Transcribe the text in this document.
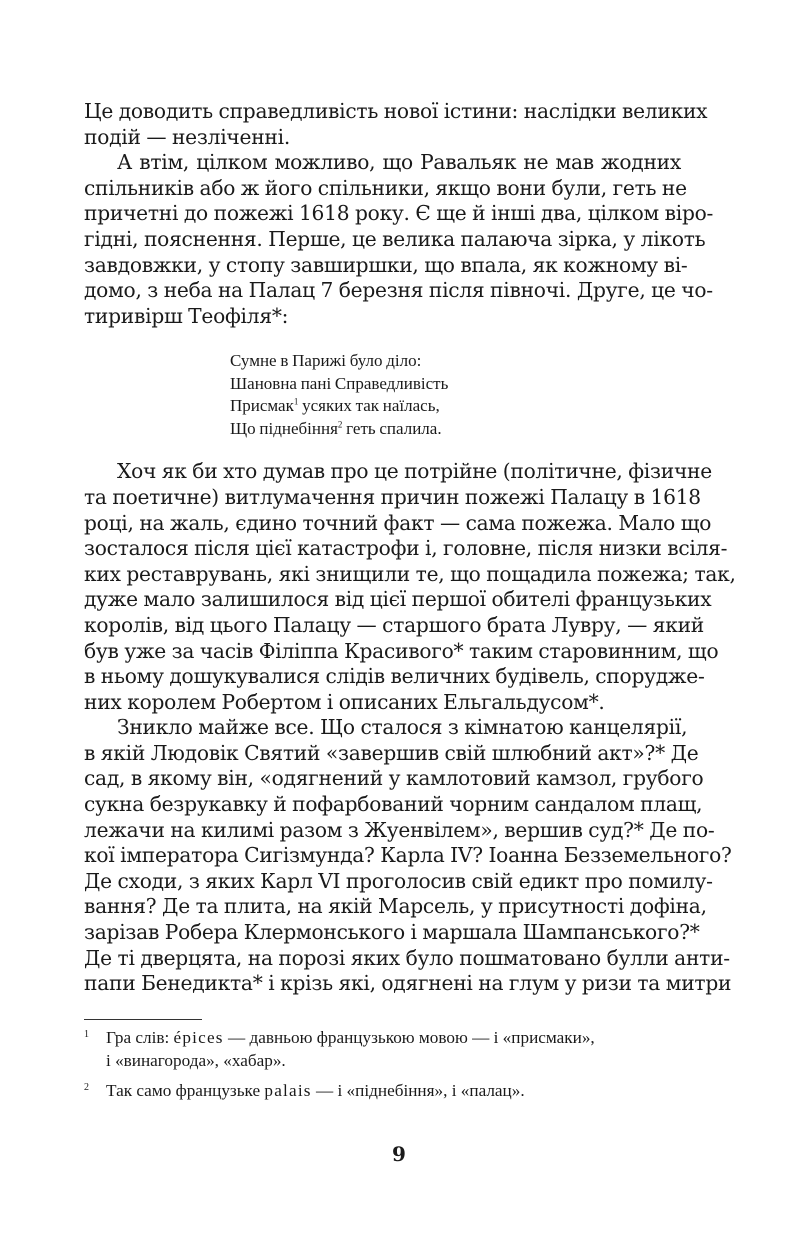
Це доводить справедливість нової істини: наслідки великих
подій — незліченні.
А втім, цілком можливо, що Равальяк не мав жодних
спільників або ж його спільники, якщо вони були, геть не
причетні до пожежі 1618 року. Є ще й інші два, цілком віро-
гідні, пояснення. Перше, це велика палаюча зірка, у лікоть
завдовжки, у стопу завширшки, що впала, як кожному ві-
домо, з неба на Палац 7 березня після півночі. Друге, це чо-
тиривірш Теофіля*:
Сумне в Парижі було діло:
Шановна пані Справедливість
Присмак$^1$ усяких так наїлась,
Що піднебіння$^2$ геть спалила.
Хоч як би хто думав про це потрійне (політичне, фізичне
та поетичне) витлумачення причин пожежі Палацу в 1618
році, на жаль, єдино точний факт — сама пожежа. Мало що
зосталося після цієї катастрофи і, головне, після низки всіля-
ких реставрувань, які знищили те, що пощадила пожежа; так,
дуже мало залишилося від цієї першої обителі французьких
королів, від цього Палацу — старшого брата Лувру, — який
був уже за часів Філіппа Красивого* таким старовинним, що
в ньому дошукувалися слідів величних будівель, споруджe-
них королем Робертом і описаних Ельгальдусом*.
Зникло майже все. Що сталося з кімнатою канцелярії,
в якій Людовік Святий «завершив свій шлюбний акт»?* Де
сад, в якому він, «одягнений у камлотовий камзол, грубого
сукна безрукавку й пофарбований чорним сандалом плащ,
лежачи на килимі разом з Жуенвілем», вершив суд?* Де по-
кої імператора Сигізмунда? Карла IV? Іоанна Безземельного?
Де сходи, з яких Карл VI проголосив свій едикт про помилу-
вання? Де та плита, на якій Марсель, у присутності дофіна,
зарізав Робера Клермонського і маршала Шампанського?*
Де ті дверцята, на порозі яких було пошматовано булли анти-
папи Бенедикта* і крізь які, одягнені на глум у ризи та митри
1 Гра слів: épices — давньою французькою мовою — і «присмаки»,
і «винагорода», «хабар».
2 Так само французьке palais — і «піднебіння», і «палац».
9
